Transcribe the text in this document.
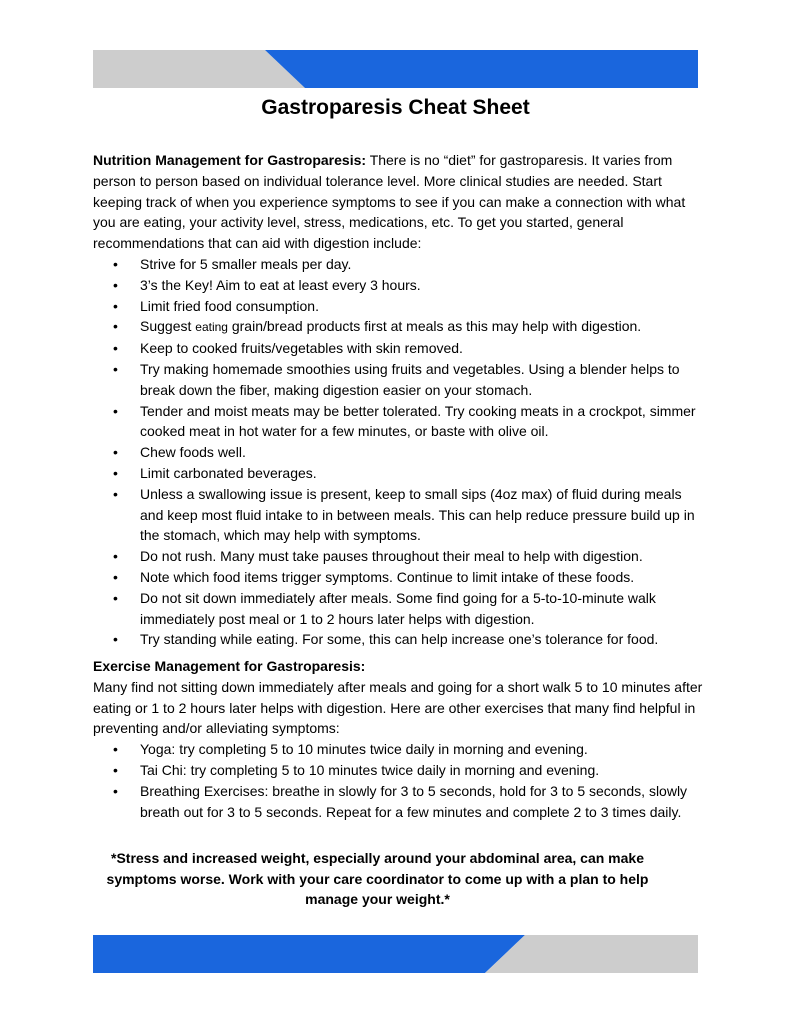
Gastroparesis Cheat Sheet

Nutrition Management for Gastroparesis: There is no “diet” for gastroparesis. It varies from person to person based on individual tolerance level. More clinical studies are needed. Start keeping track of when you experience symptoms to see if you can make a connection with what you are eating, your activity level, stress, medications, etc. To get you started, general recommendations that can aid with digestion include:

• Strive for 5 smaller meals per day.
• 3’s the Key! Aim to eat at least every 3 hours.
• Limit fried food consumption.
• Suggest eating grain/bread products first at meals as this may help with digestion.
• Keep to cooked fruits/vegetables with skin removed.
• Try making homemade smoothies using fruits and vegetables. Using a blender helps to break down the fiber, making digestion easier on your stomach.
• Tender and moist meats may be better tolerated. Try cooking meats in a crockpot, simmer cooked meat in hot water for a few minutes, or baste with olive oil.
• Chew foods well.
• Limit carbonated beverages.
• Unless a swallowing issue is present, keep to small sips (4oz max) of fluid during meals and keep most fluid intake to in between meals. This can help reduce pressure build up in the stomach, which may help with symptoms.
• Do not rush. Many must take pauses throughout their meal to help with digestion.
• Note which food items trigger symptoms. Continue to limit intake of these foods.
• Do not sit down immediately after meals. Some find going for a 5-to-10-minute walk immediately post meal or 1 to 2 hours later helps with digestion.
• Try standing while eating. For some, this can help increase one’s tolerance for food.

Exercise Management for Gastroparesis:

Many find not sitting down immediately after meals and going for a short walk 5 to 10 minutes after eating or 1 to 2 hours later helps with digestion. Here are other exercises that many find helpful in preventing and/or alleviating symptoms:

• Yoga: try completing 5 to 10 minutes twice daily in morning and evening.
• Tai Chi: try completing 5 to 10 minutes twice daily in morning and evening.
• Breathing Exercises: breathe in slowly for 3 to 5 seconds, hold for 3 to 5 seconds, slowly breath out for 3 to 5 seconds. Repeat for a few minutes and complete 2 to 3 times daily.

*Stress and increased weight, especially around your abdominal area, can make symptoms worse. Work with your care coordinator to come up with a plan to help manage your weight.*
